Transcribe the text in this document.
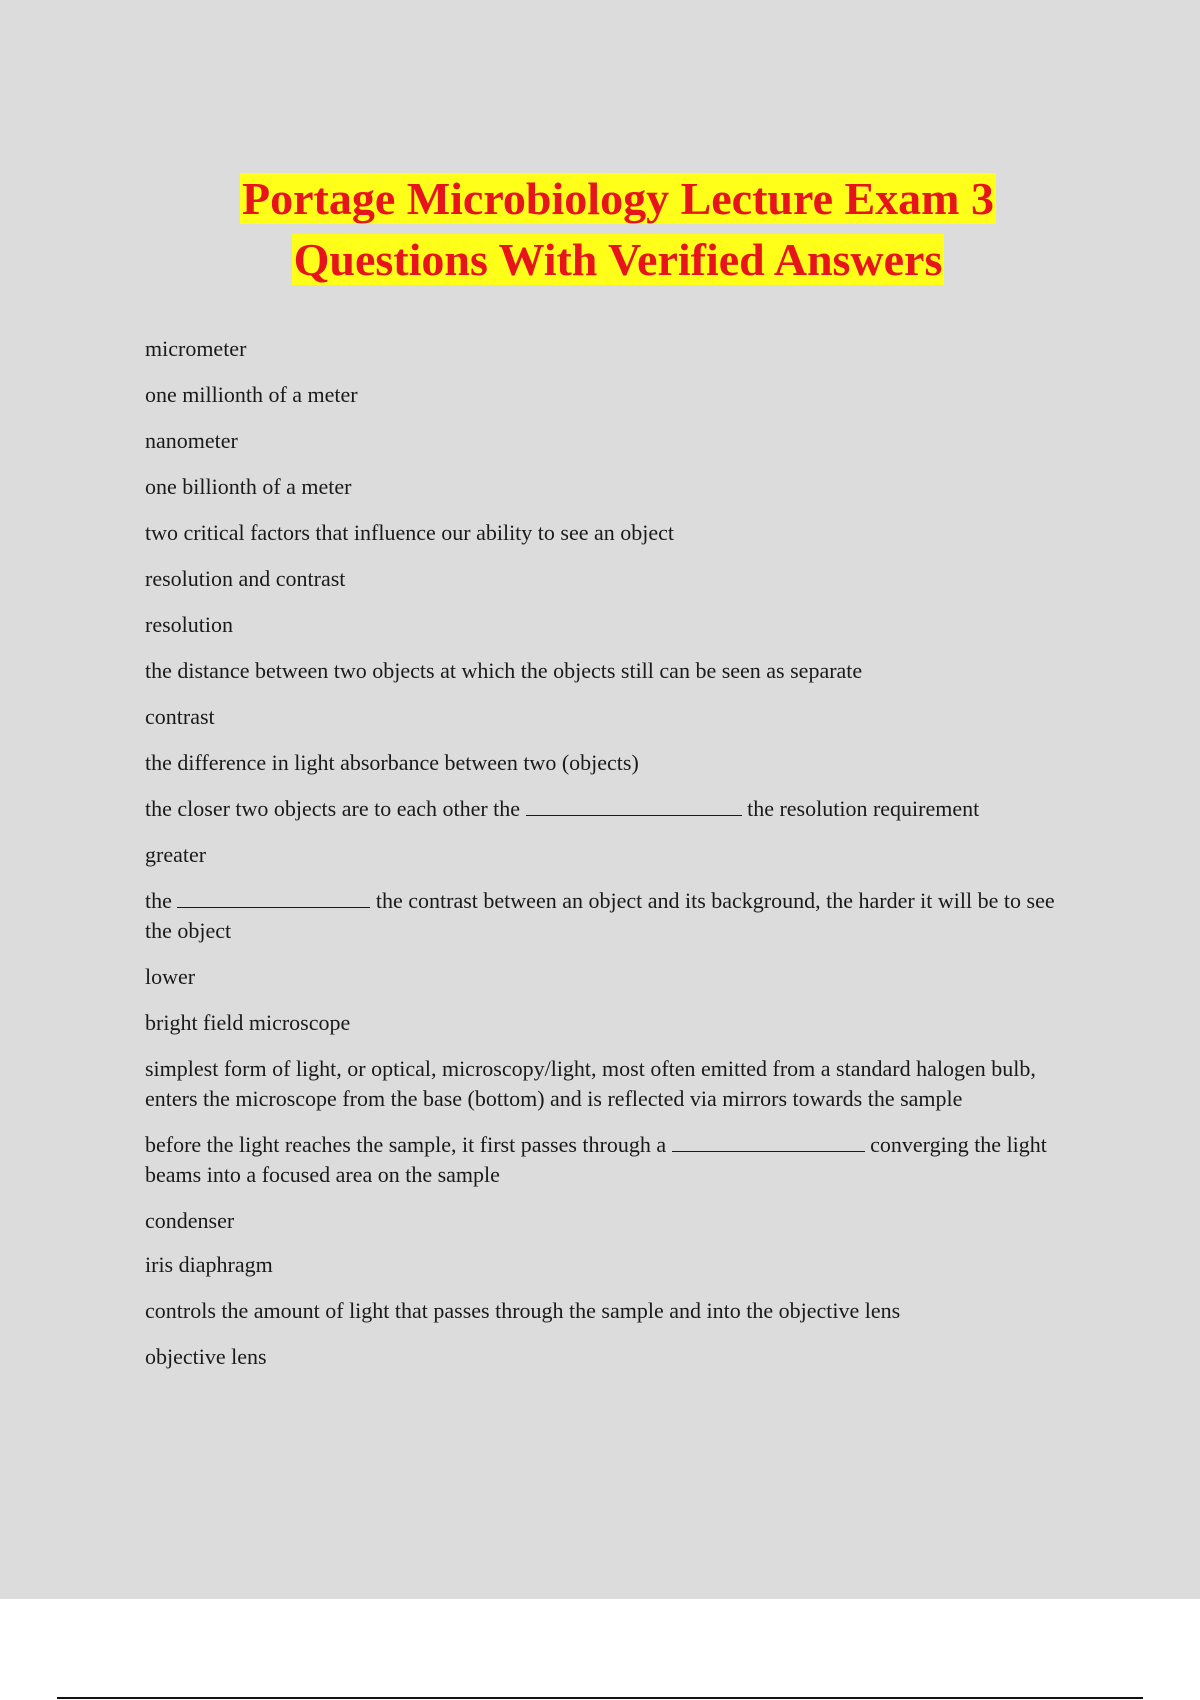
Portage Microbiology Lecture Exam 3
Questions With Verified Answers

micrometer

one millionth of a meter

nanometer

one billionth of a meter

two critical factors that influence our ability to see an object

resolution and contrast

resolution

the distance between two objects at which the objects still can be seen as separate

contrast

the difference in light absorbance between two (objects)

the closer two objects are to each other the	the resolution requirement

greater

the	the contrast between an object and its background, the harder it will be to see the object

lower

bright field microscope

simplest form of light, or optical, microscopy/light, most often emitted from a standard halogen bulb, enters the microscope from the base (bottom) and is reflected via mirrors towards the sample

before the light reaches the sample, it first passes through a	converging the light beams into a focused area on the sample

condenser

iris diaphragm

controls the amount of light that passes through the sample and into the objective lens

objective lens
